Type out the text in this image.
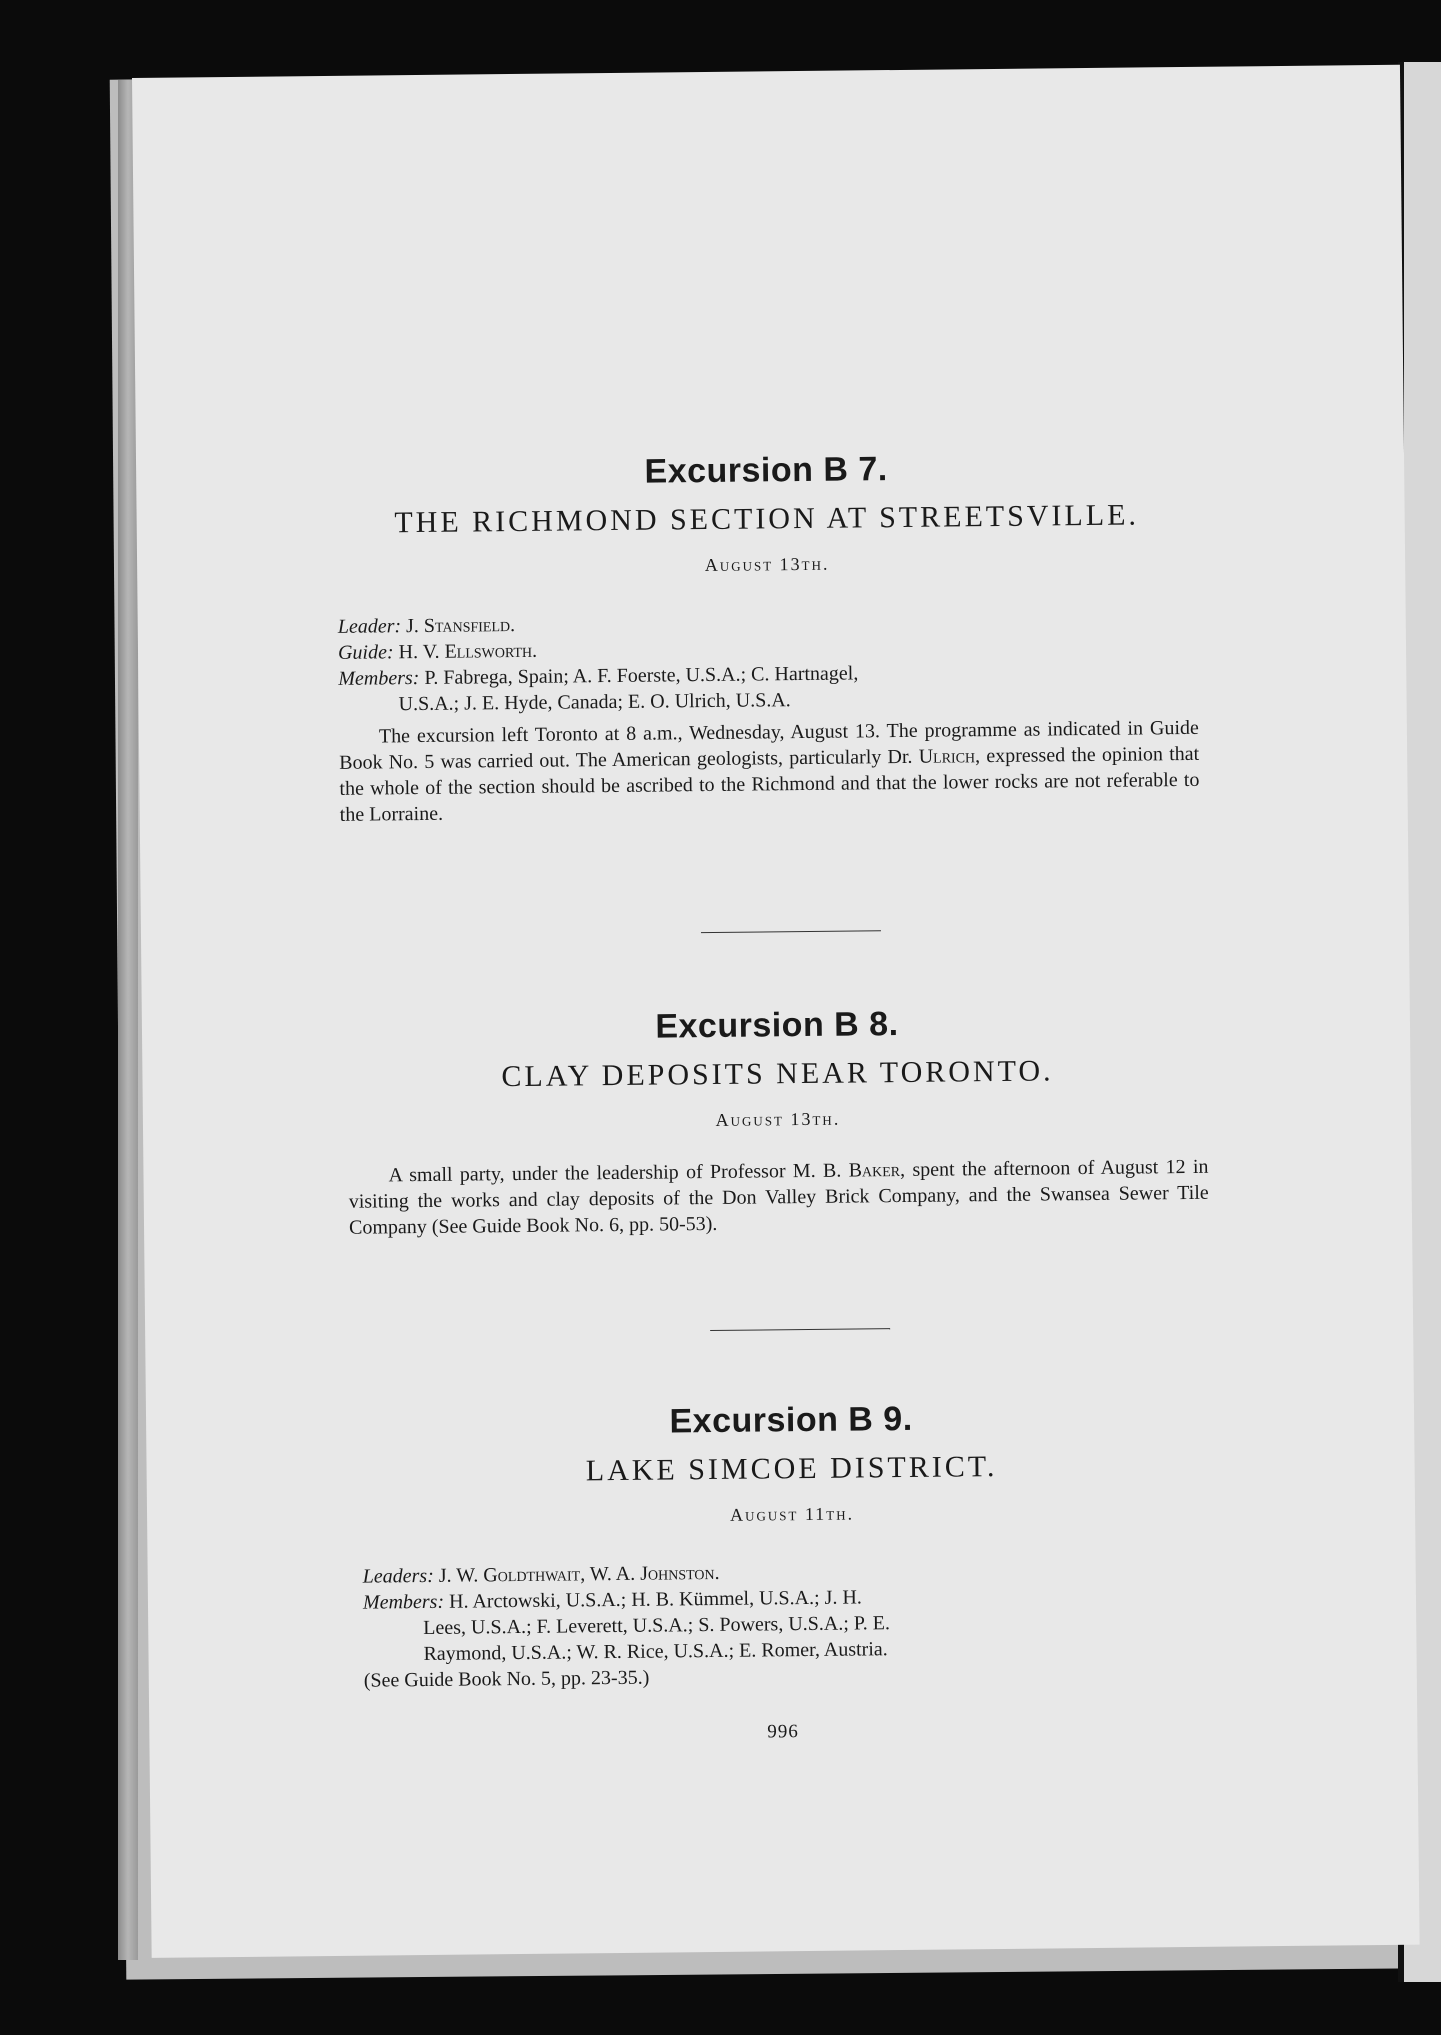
Excursion B 7.
THE RICHMOND SECTION AT STREETSVILLE.
August 13th.
Leader: J. Stansfield.
Guide: H. V. Ellsworth.
Members: P. Fabrega, Spain; A. F. Foerste, U.S.A.; C. Hartnagel,
U.S.A.; J. E. Hyde, Canada; E. O. Ulrich, U.S.A.

The excursion left Toronto at 8 a.m., Wednesday, August 13. The programme as indicated in Guide Book No. 5 was carried out. The American geologists, particularly Dr. Ulrich, expressed the opinion that the whole of the section should be ascribed to the Richmond and that the lower rocks are not referable to the Lorraine.

Excursion B 8.
CLAY DEPOSITS NEAR TORONTO.
August 13th.

A small party, under the leadership of Professor M. B. Baker, spent the afternoon of August 12 in visiting the works and clay deposits of the Don Valley Brick Company, and the Swansea Sewer Tile Company (See Guide Book No. 6, pp. 50-53).

Excursion B 9.
LAKE SIMCOE DISTRICT.
August 11th.
Leaders: J. W. Goldthwait, W. A. Johnston.
Members: H. Arctowski, U.S.A.; H. B. Kümmel, U.S.A.; J. H.
Lees, U.S.A.; F. Leverett, U.S.A.; S. Powers, U.S.A.; P. E.
Raymond, U.S.A.; W. R. Rice, U.S.A.; E. Romer, Austria.
(See Guide Book No. 5, pp. 23-35.)
996
